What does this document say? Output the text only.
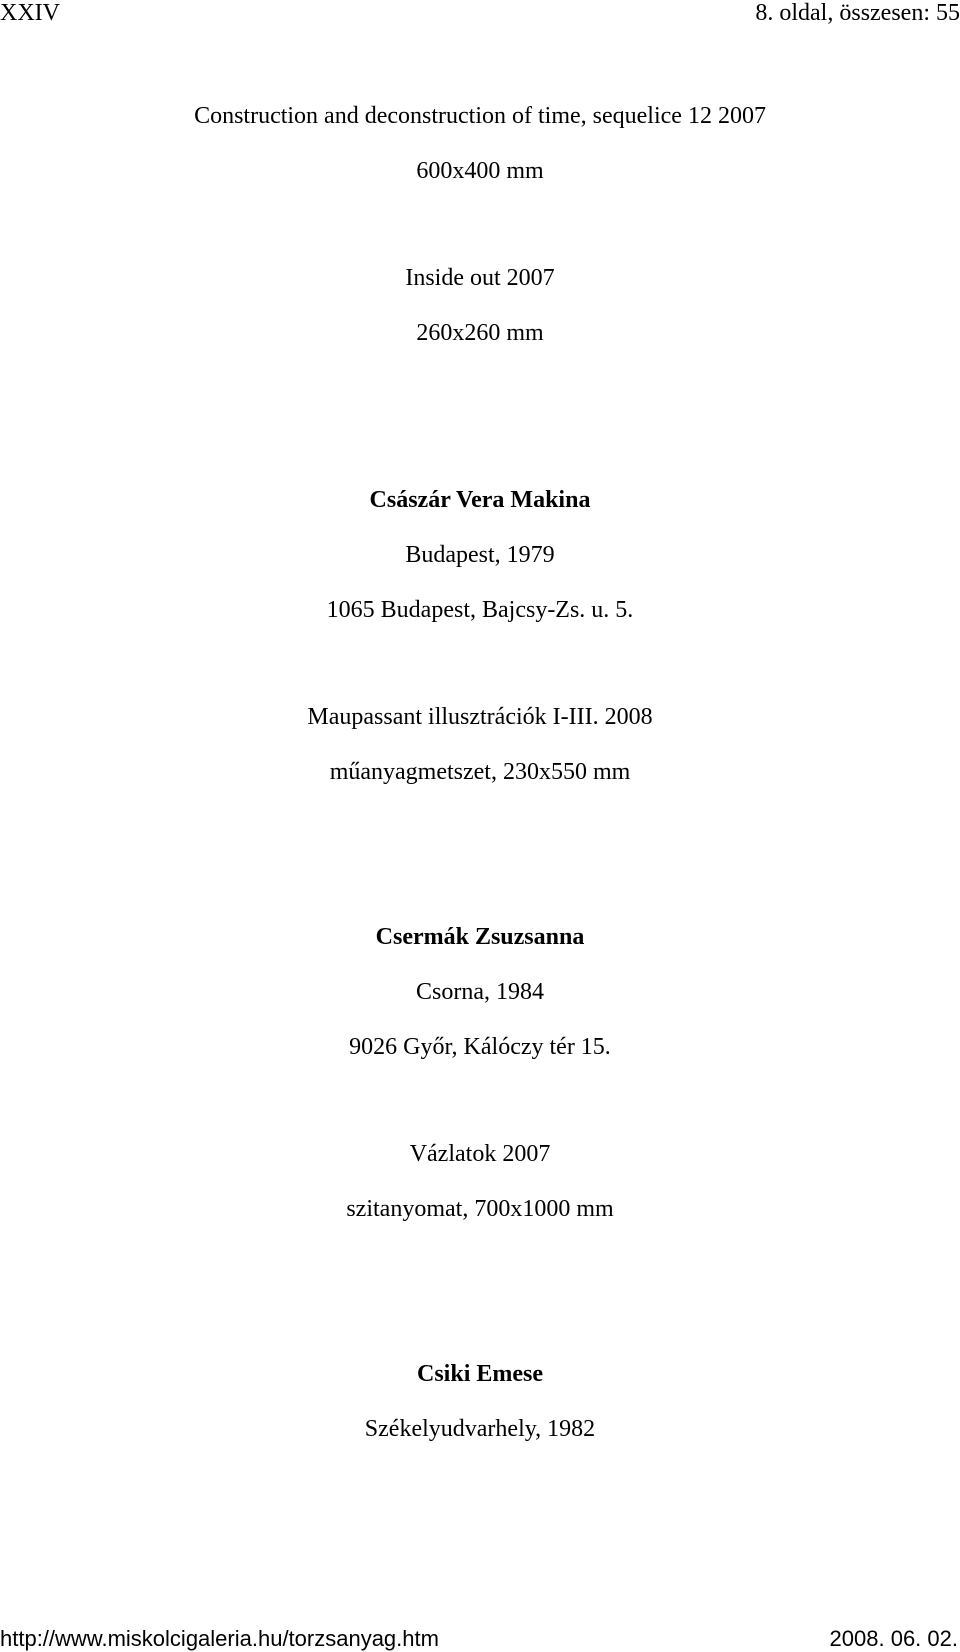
XXIV	8. oldal, összesen: 55
Construction and deconstruction of time, sequelice 12 2007
600x400 mm
Inside out 2007
260x260 mm
Császár Vera Makina
Budapest, 1979
1065 Budapest, Bajcsy-Zs. u. 5.
Maupassant illusztrációk I-III. 2008
műanyagmetszet, 230x550 mm
Csermák Zsuzsanna
Csorna, 1984
9026 Győr, Kálóczy tér 15.
Vázlatok 2007
szitanyomat, 700x1000 mm
Csiki Emese
Székelyudvarhely, 1982
http://www.miskolcigaleria.hu/torzsanyag.htm	2008. 06. 02.
